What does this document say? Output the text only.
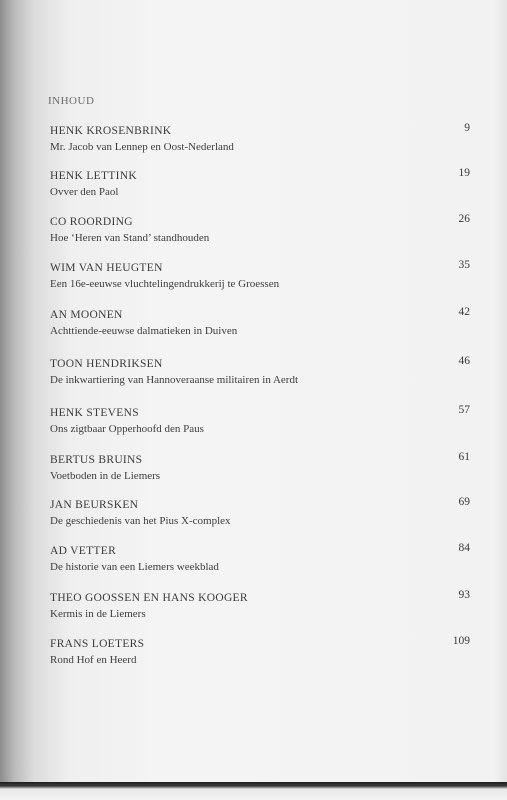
INHOUD
HENK KROSENBRINK
Mr. Jacob van Lennep en Oost-Nederland
9
HENK LETTINK
Ovver den Paol
19
CO ROORDING
Hoe ‘Heren van Stand’ standhouden
26
WIM VAN HEUGTEN
Een 16e-eeuwse vluchtelingendrukkerij te Groessen
35
AN MOONEN
Achttiende-eeuwse dalmatieken in Duiven
42
TOON HENDRIKSEN
De inkwartiering van Hannoveraanse militairen in Aerdt
46
HENK STEVENS
Ons zigtbaar Opperhoofd den Paus
57
BERTUS BRUINS
Voetboden in de Liemers
61
JAN BEURSKEN
De geschiedenis van het Pius X-complex
69
AD VETTER
De historie van een Liemers weekblad
84
THEO GOOSSEN EN HANS KOOGER
Kermis in de Liemers
93
FRANS LOETERS
Rond Hof en Heerd
109
